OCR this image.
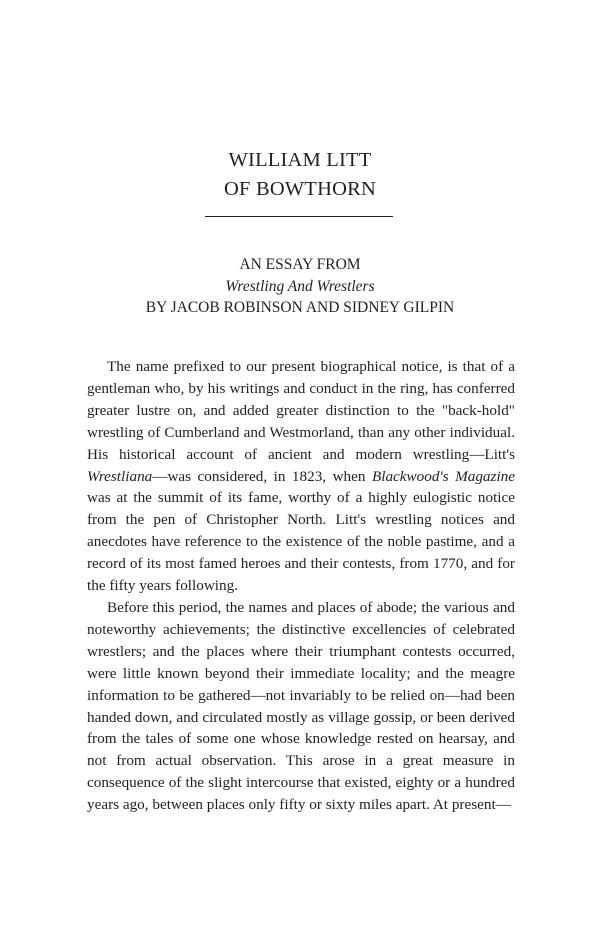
WILLIAM LITT
OF BOWTHORN
AN ESSAY FROM
Wrestling And Wrestlers
BY JACOB ROBINSON AND SIDNEY GILPIN

The name prefixed to our present biographical notice, is that of a gentleman who, by his writings and conduct in the ring, has conferred greater lustre on, and added greater distinction to the "back-hold" wrestling of Cumberland and Westmorland, than any other individual. His historical account of ancient and modern wrestling—Litt's Wrestliana—was considered, in 1823, when Blackwood's Magazine was at the summit of its fame, worthy of a highly eulogistic notice from the pen of Christopher North. Litt's wrestling notices and anecdotes have reference to the existence of the noble pastime, and a record of its most famed heroes and their contests, from 1770, and for the fifty years following.

Before this period, the names and places of abode; the various and noteworthy achievements; the distinctive excellencies of celebrated wrestlers; and the places where their triumphant contests occurred, were little known beyond their immediate locality; and the meagre information to be gathered—not invariably to be relied on—had been handed down, and circulated mostly as village gossip, or been derived from the tales of some one whose knowledge rested on hearsay, and not from actual observation. This arose in a great measure in consequence of the slight intercourse that existed, eighty or a hundred years ago, between places only fifty or sixty miles apart. At present—
